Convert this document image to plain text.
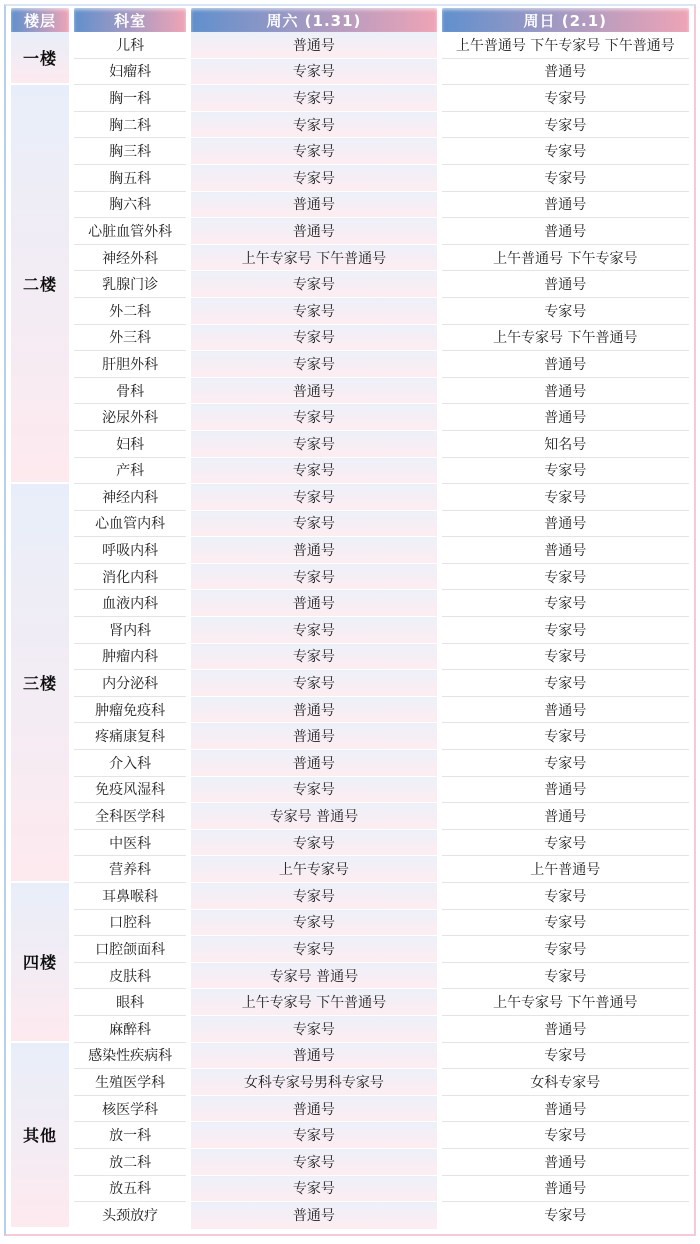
楼层	科室	周六 (1.31)	周日 (2.1)
一楼	儿科	普通号	上午普通号 下午专家号 下午普通号
	妇瘤科	专家号	普通号
二楼	胸一科	专家号	专家号
	胸二科	专家号	专家号
	胸三科	专家号	专家号
	胸五科	专家号	专家号
	胸六科	普通号	普通号
	心脏血管外科	普通号	普通号
	神经外科	上午专家号 下午普通号	上午普通号 下午专家号
	乳腺门诊	专家号	普通号
	外二科	专家号	专家号
	外三科	专家号	上午专家号 下午普通号
	肝胆外科	专家号	普通号
	骨科	普通号	普通号
	泌尿外科	专家号	普通号
	妇科	专家号	知名号
	产科	专家号	专家号
三楼	神经内科	专家号	专家号
	心血管内科	专家号	普通号
	呼吸内科	普通号	普通号
	消化内科	专家号	专家号
	血液内科	普通号	专家号
	肾内科	专家号	专家号
	肿瘤内科	专家号	专家号
	内分泌科	专家号	专家号
	肿瘤免疫科	普通号	普通号
	疼痛康复科	普通号	专家号
	介入科	普通号	专家号
	免疫风湿科	专家号	普通号
	全科医学科	专家号 普通号	普通号
	中医科	专家号	专家号
	营养科	上午专家号	上午普通号
四楼	耳鼻喉科	专家号	专家号
	口腔科	专家号	专家号
	口腔颌面科	专家号	专家号
	皮肤科	专家号 普通号	专家号
	眼科	上午专家号 下午普通号	上午专家号 下午普通号
	麻醉科	专家号	普通号
其他	感染性疾病科	普通号	专家号
	生殖医学科	女科专家号男科专家号	女科专家号
	核医学科	普通号	普通号
	放一科	专家号	专家号
	放二科	专家号	普通号
	放五科	专家号	普通号
	头颈放疗	普通号	专家号
